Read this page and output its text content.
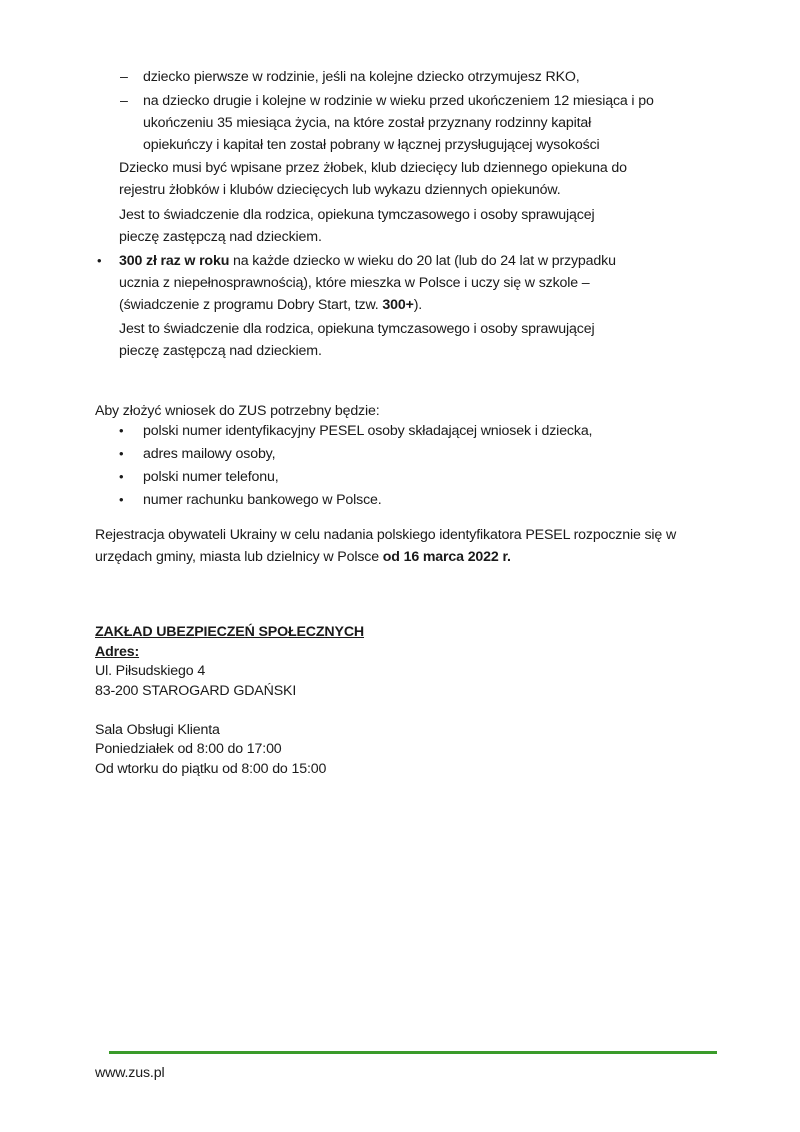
– dziecko pierwsze w rodzinie, jeśli na kolejne dziecko otrzymujesz RKO,
– na dziecko drugie i kolejne w rodzinie w wieku przed ukończeniem 12 miesiąca i po
ukończeniu 35 miesiąca życia, na które został przyznany rodzinny kapitał
opiekuńczy i kapitał ten został pobrany w łącznej przysługującej wysokości
Dziecko musi być wpisane przez żłobek, klub dziecięcy lub dziennego opiekuna do
rejestru żłobków i klubów dziecięcych lub wykazu dziennych opiekunów.
Jest to świadczenie dla rodzica, opiekuna tymczasowego i osoby sprawującej
pieczę zastępczą nad dzieckiem.
• 300 zł raz w roku na każde dziecko w wieku do 20 lat (lub do 24 lat w przypadku
ucznia z niepełnosprawnością), które mieszka w Polsce i uczy się w szkole –
(świadczenie z programu Dobry Start, tzw. 300+).
Jest to świadczenie dla rodzica, opiekuna tymczasowego i osoby sprawującej
pieczę zastępczą nad dzieckiem.
Aby złożyć wniosek do ZUS potrzebny będzie:
• polski numer identyfikacyjny PESEL osoby składającej wniosek i dziecka,
• adres mailowy osoby,
• polski numer telefonu,
• numer rachunku bankowego w Polsce.
Rejestracja obywateli Ukrainy w celu nadania polskiego identyfikatora PESEL rozpocznie się w
urzędach gminy, miasta lub dzielnicy w Polsce od 16 marca 2022 r.
ZAKŁAD UBEZPIECZEŃ SPOŁECZNYCH
Adres:
Ul. Piłsudskiego 4
83-200 STAROGARD GDAŃSKI
Sala Obsługi Klienta
Poniedziałek od 8:00 do 17:00
Od wtorku do piątku od 8:00 do 15:00
www.zus.pl
